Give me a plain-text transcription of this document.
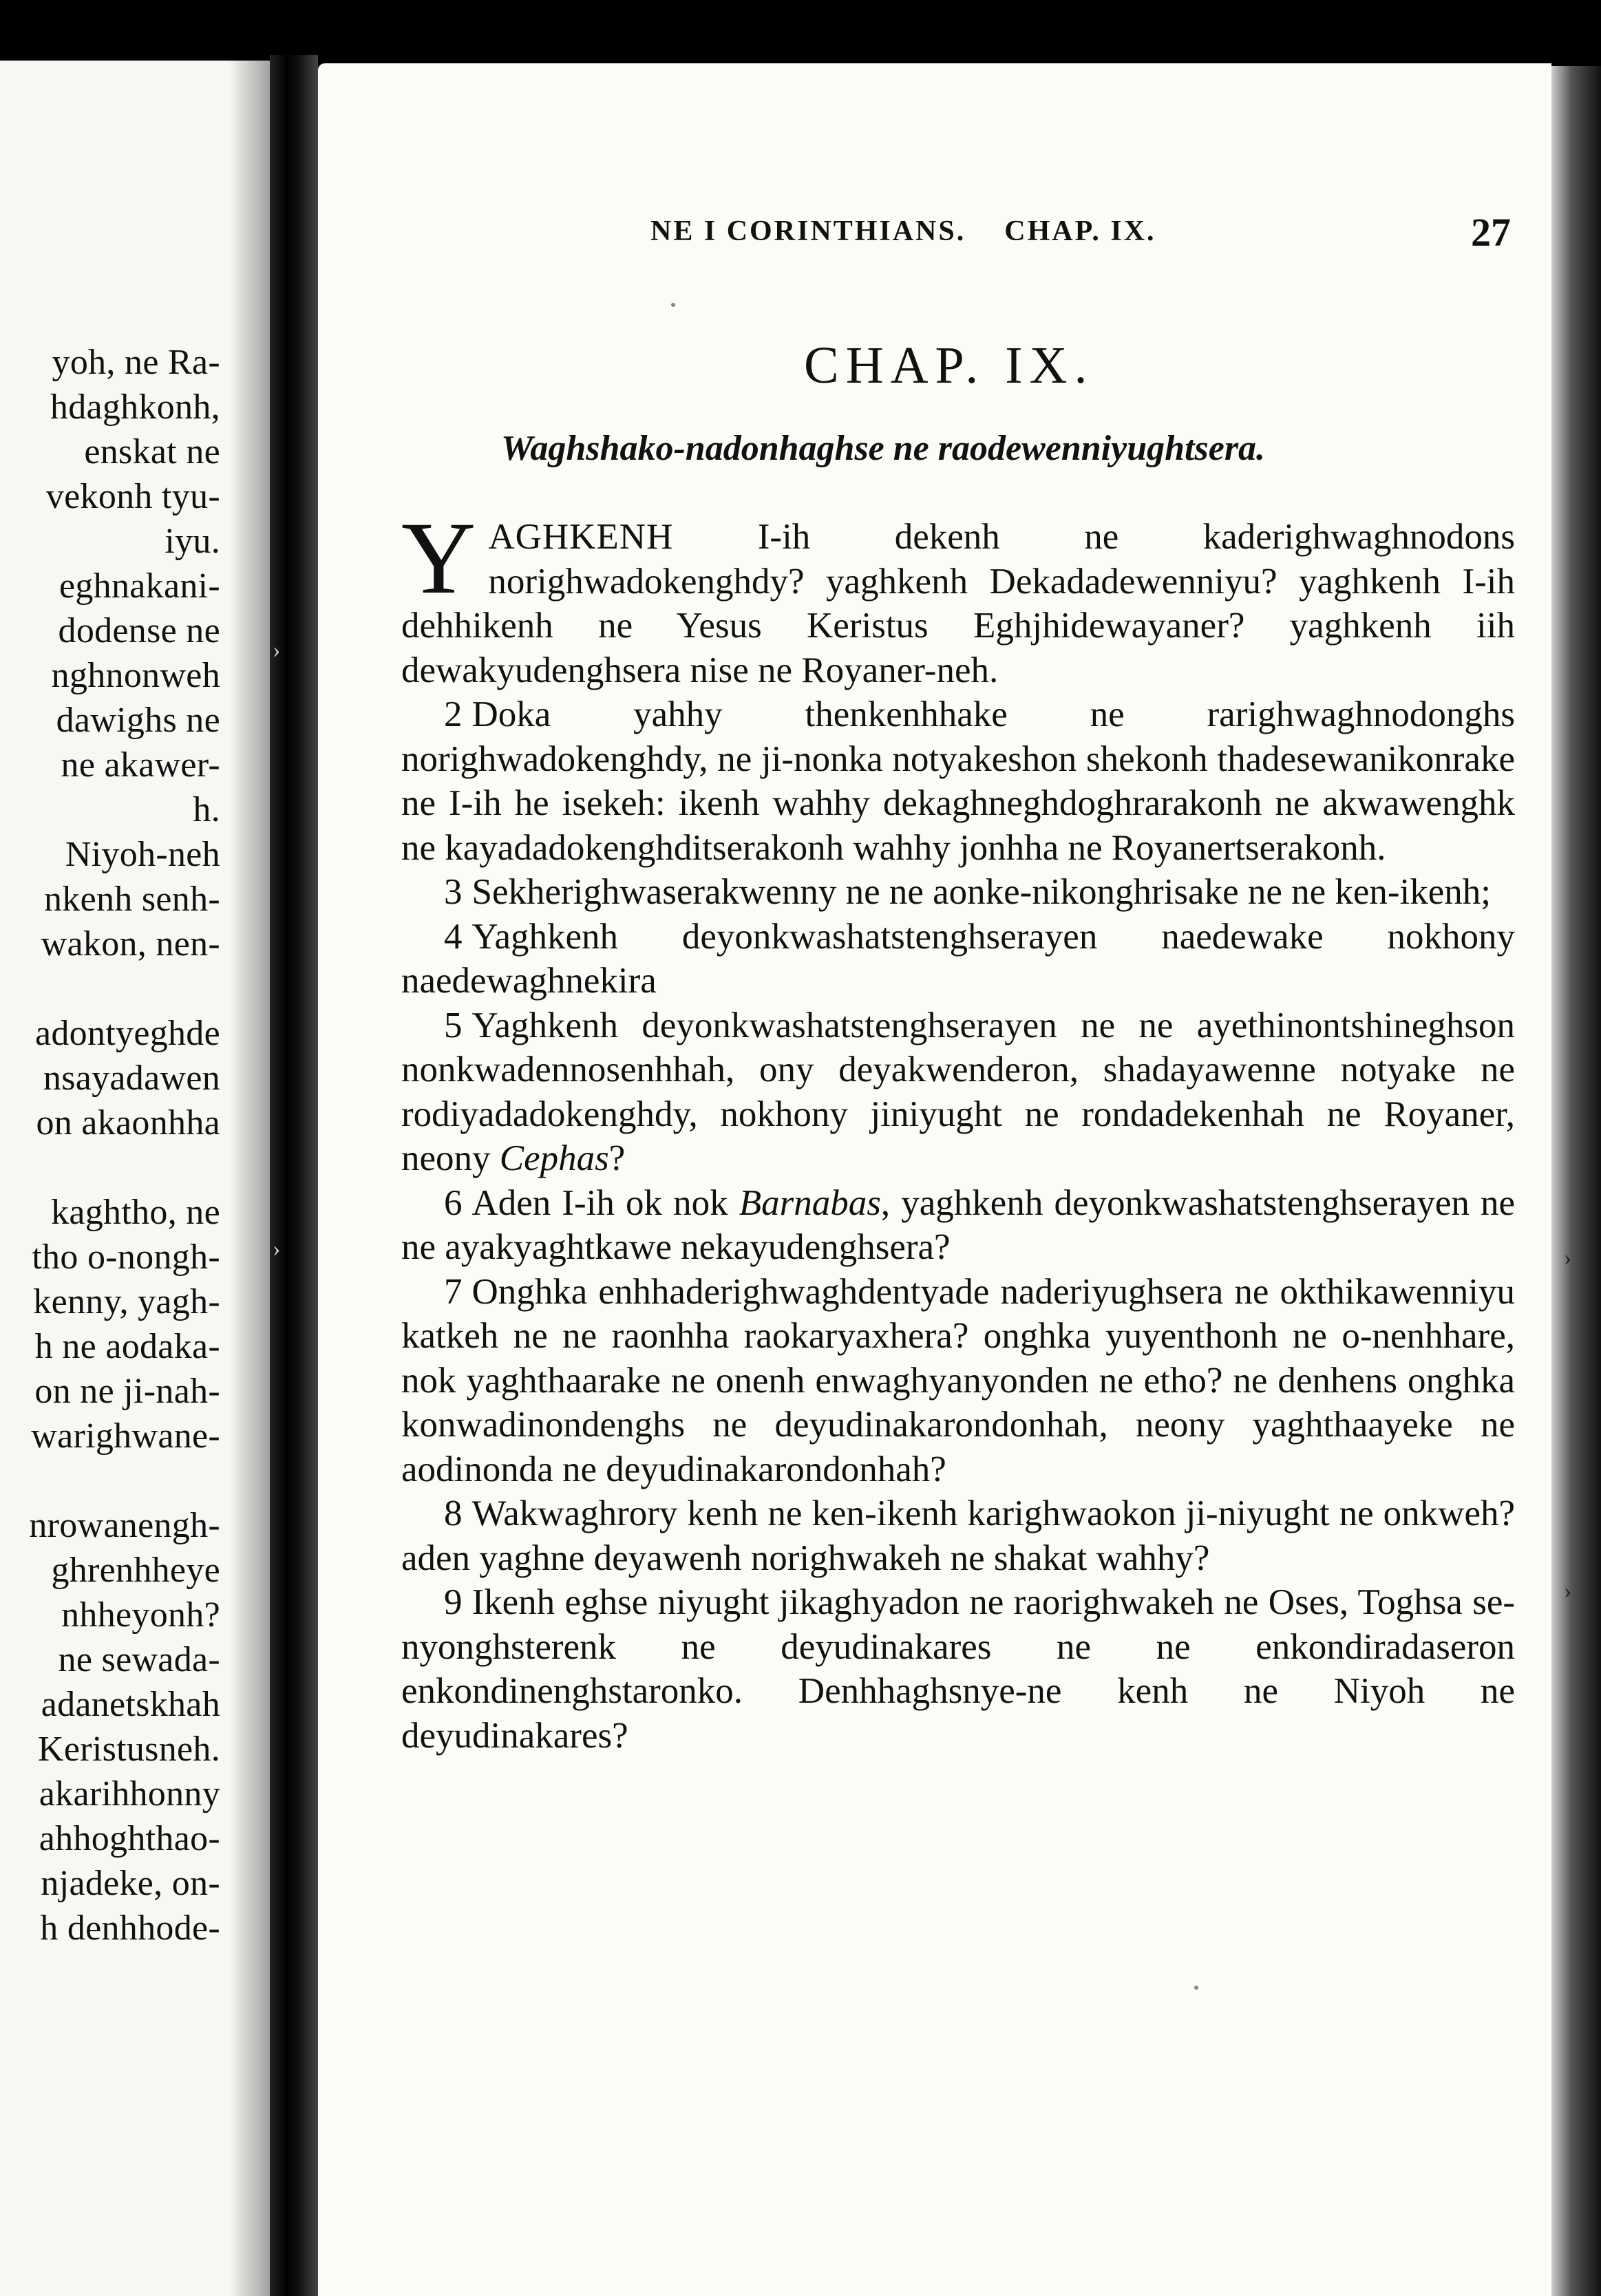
yoh, ne Ra-
hdaghkonh,
enskat ne
vekonh tyu-
iyu.
eghnakani-
dodense ne
nghnonweh
dawighs ne
ne akawer-
h.
Niyoh-neh
nkenh senh-
wakon, nen-
adontyeghde
nsayadawen
on akaonhha
kaghtho, ne
tho o-nongh-
kenny, yagh-
h ne aodaka-
on ne ji-nah-
warighwane-
nrowanengh-
ghrenhheye
nhheyonh?
ne sewada-
adanetskhah
Keristusneh.
akarihhonny
ahhoghthao-
njadeke, on-
h denhhode-
›
›	›
›
NE I CORINTHIANS. CHAP. IX.	27
CHAP. IX.
Waghshako-nadonhaghse ne raodewenniyughtsera.

YAGHKENH I-ih dekenh ne kaderighwaghnodons norighwadokenghdy? yaghkenh Dekadadewenniyu? yaghkenh I-ih dehhikenh ne Yesus Keristus Eghjhidewayaner? yaghkenh iih dewakyudenghsera nise ne Royaner-neh.

2 Doka yahhy thenkenhhake ne rarighwaghnodonghs norighwadokenghdy, ne ji-nonka notyakeshon shekonh thadesewanikonrake ne I-ih he isekeh: ikenh wahhy dekaghneghdoghrarakonh ne akwawenghk ne kayadadokenghditserakonh wahhy jonhha ne Royanertserakonh.

3 Sekherighwaserakwenny ne ne aonke-nikonghrisake ne ne ken-ikenh;

4 Yaghkenh deyonkwashatstenghserayen naedewake nokhony naedewaghnekira

5 Yaghkenh deyonkwashatstenghserayen ne ne ayethinontshineghson nonkwadennosenhhah, ony deyakwenderon, shadayawenne notyake ne rodiyadadokenghdy, nokhony jiniyught ne rondadekenhah ne Royaner, neony Cephas?

6 Aden I-ih ok nok Barnabas, yaghkenh deyonkwashatstenghserayen ne ne ayakyaghtkawe nekayudenghsera?

7 Onghka enhhaderighwaghdentyade naderiyughsera ne okthikawenniyu katkeh ne ne raonhha raokaryaxhera? onghka yuyenthonh ne o-nenhhare, nok yaghthaarake ne onenh enwaghyanyonden ne etho? ne denhens onghka konwadinondenghs ne deyudinakarondonhah, neony yaghthaayeke ne aodinonda ne deyudinakarondonhah?

8 Wakwaghrory kenh ne ken-ikenh karighwaokon ji-niyught ne onkweh? aden yaghne deyawenh norighwakeh ne shakat wahhy?

9 Ikenh eghse niyught jikaghyadon ne raorighwakeh ne Oses, Toghsa se-nyonghsterenk ne deyudinakares ne ne enkondiradaseron enkondinenghstaronko. Denhhaghsnye-ne kenh ne Niyoh ne deyudinakares?
